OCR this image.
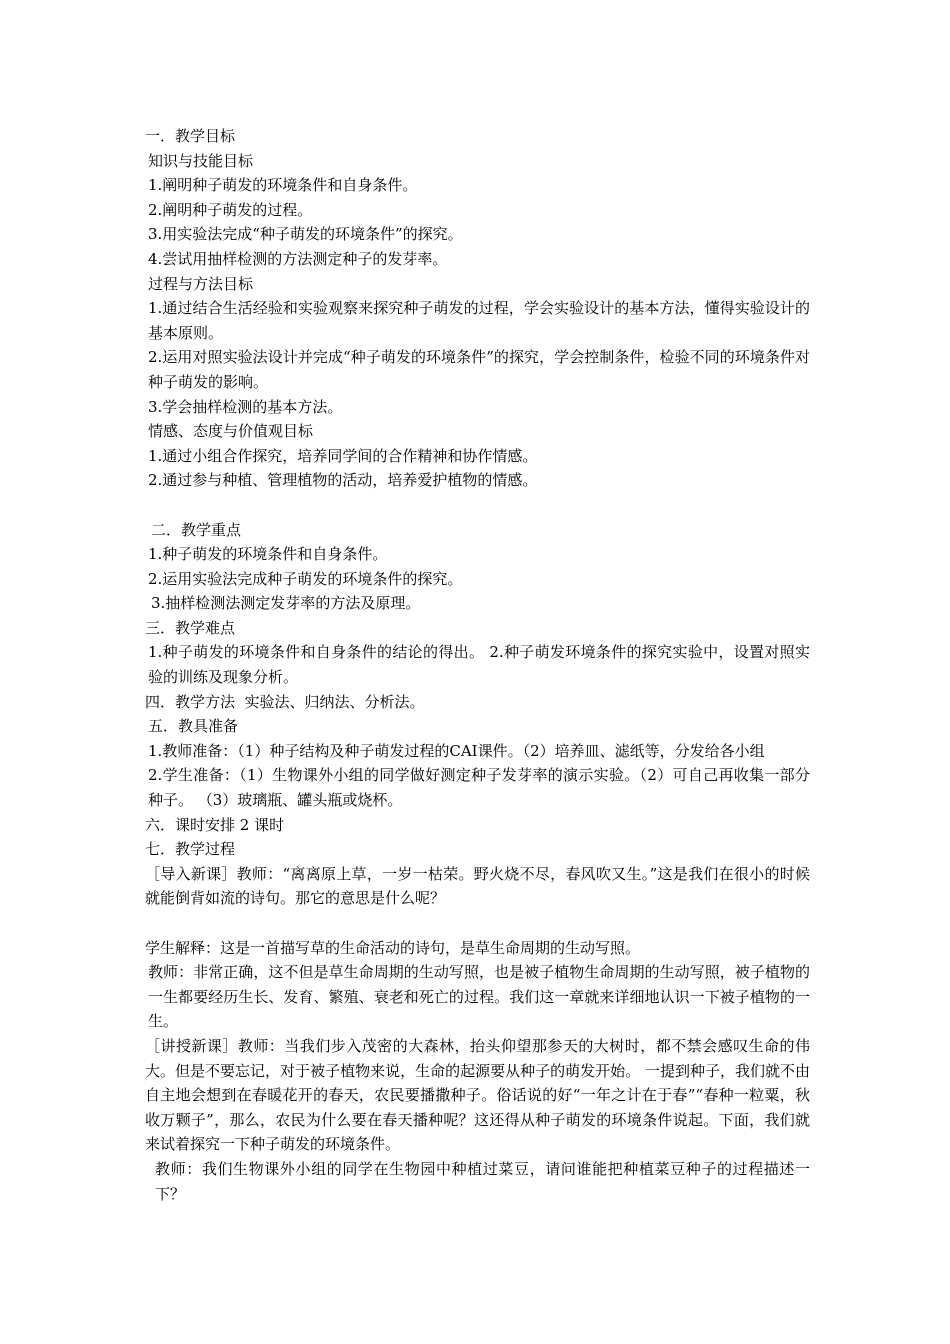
一．教学目标

知识与技能目标

1.阐明种子萌发的环境条件和自身条件。

2.阐明种子萌发的过程。

3.用实验法完成“种子萌发的环境条件”的探究。

4.尝试用抽样检测的方法测定种子的发芽率。

过程与方法目标

1.通过结合生活经验和实验观察来探究种子萌发的过程，学会实验设计的基本方法，懂得实验设计的基本原则。

2.运用对照实验法设计并完成“种子萌发的环境条件”的探究，学会控制条件，检验不同的环境条件对种子萌发的影响。

3.学会抽样检测的基本方法。

情感、态度与价值观目标

1.通过小组合作探究，培养同学间的合作精神和协作情感。

2.通过参与种植、管理植物的活动，培养爱护植物的情感。

二．教学重点

1.种子萌发的环境条件和自身条件。

2.运用实验法完成种子萌发的环境条件的探究。

3.抽样检测法测定发芽率的方法及原理。

三．教学难点

1.种子萌发的环境条件和自身条件的结论的得出。 2.种子萌发环境条件的探究实验中，设置对照实验的训练及现象分析。

四．教学方法  实验法、归纳法、分析法。

五．教具准备

1.教师准备：（1）种子结构及种子萌发过程的CAI课件。（2）培养皿、滤纸等，分发给各小组

2.学生准备：（1）生物课外小组的同学做好测定种子发芽率的演示实验。（2）可自己再收集一部分种子。 （3）玻璃瓶、罐头瓶或烧杯。

六．课时安排 2 课时

七．教学过程

［导入新课］教师：“离离原上草，一岁一枯荣。野火烧不尽，春风吹又生。”这是我们在很小的时候就能倒背如流的诗句。那它的意思是什么呢？

学生解释：这是一首描写草的生命活动的诗句，是草生命周期的生动写照。

教师：非常正确，这不但是草生命周期的生动写照，也是被子植物生命周期的生动写照，被子植物的一生都要经历生长、发育、繁殖、衰老和死亡的过程。我们这一章就来详细地认识一下被子植物的一生。

［讲授新课］教师：当我们步入茂密的大森林，抬头仰望那参天的大树时，都不禁会感叹生命的伟大。但是不要忘记，对于被子植物来说，生命的起源要从种子的萌发开始。 一提到种子，我们就不由自主地会想到在春暖花开的春天，农民要播撒种子。俗话说的好“一年之计在于春”“春种一粒粟，秋收万颗子”，那么，农民为什么要在春天播种呢？这还得从种子萌发的环境条件说起。下面，我们就来试着探究一下种子萌发的环境条件。

教师：我们生物课外小组的同学在生物园中种植过菜豆，请问谁能把种植菜豆种子的过程描述一下？
